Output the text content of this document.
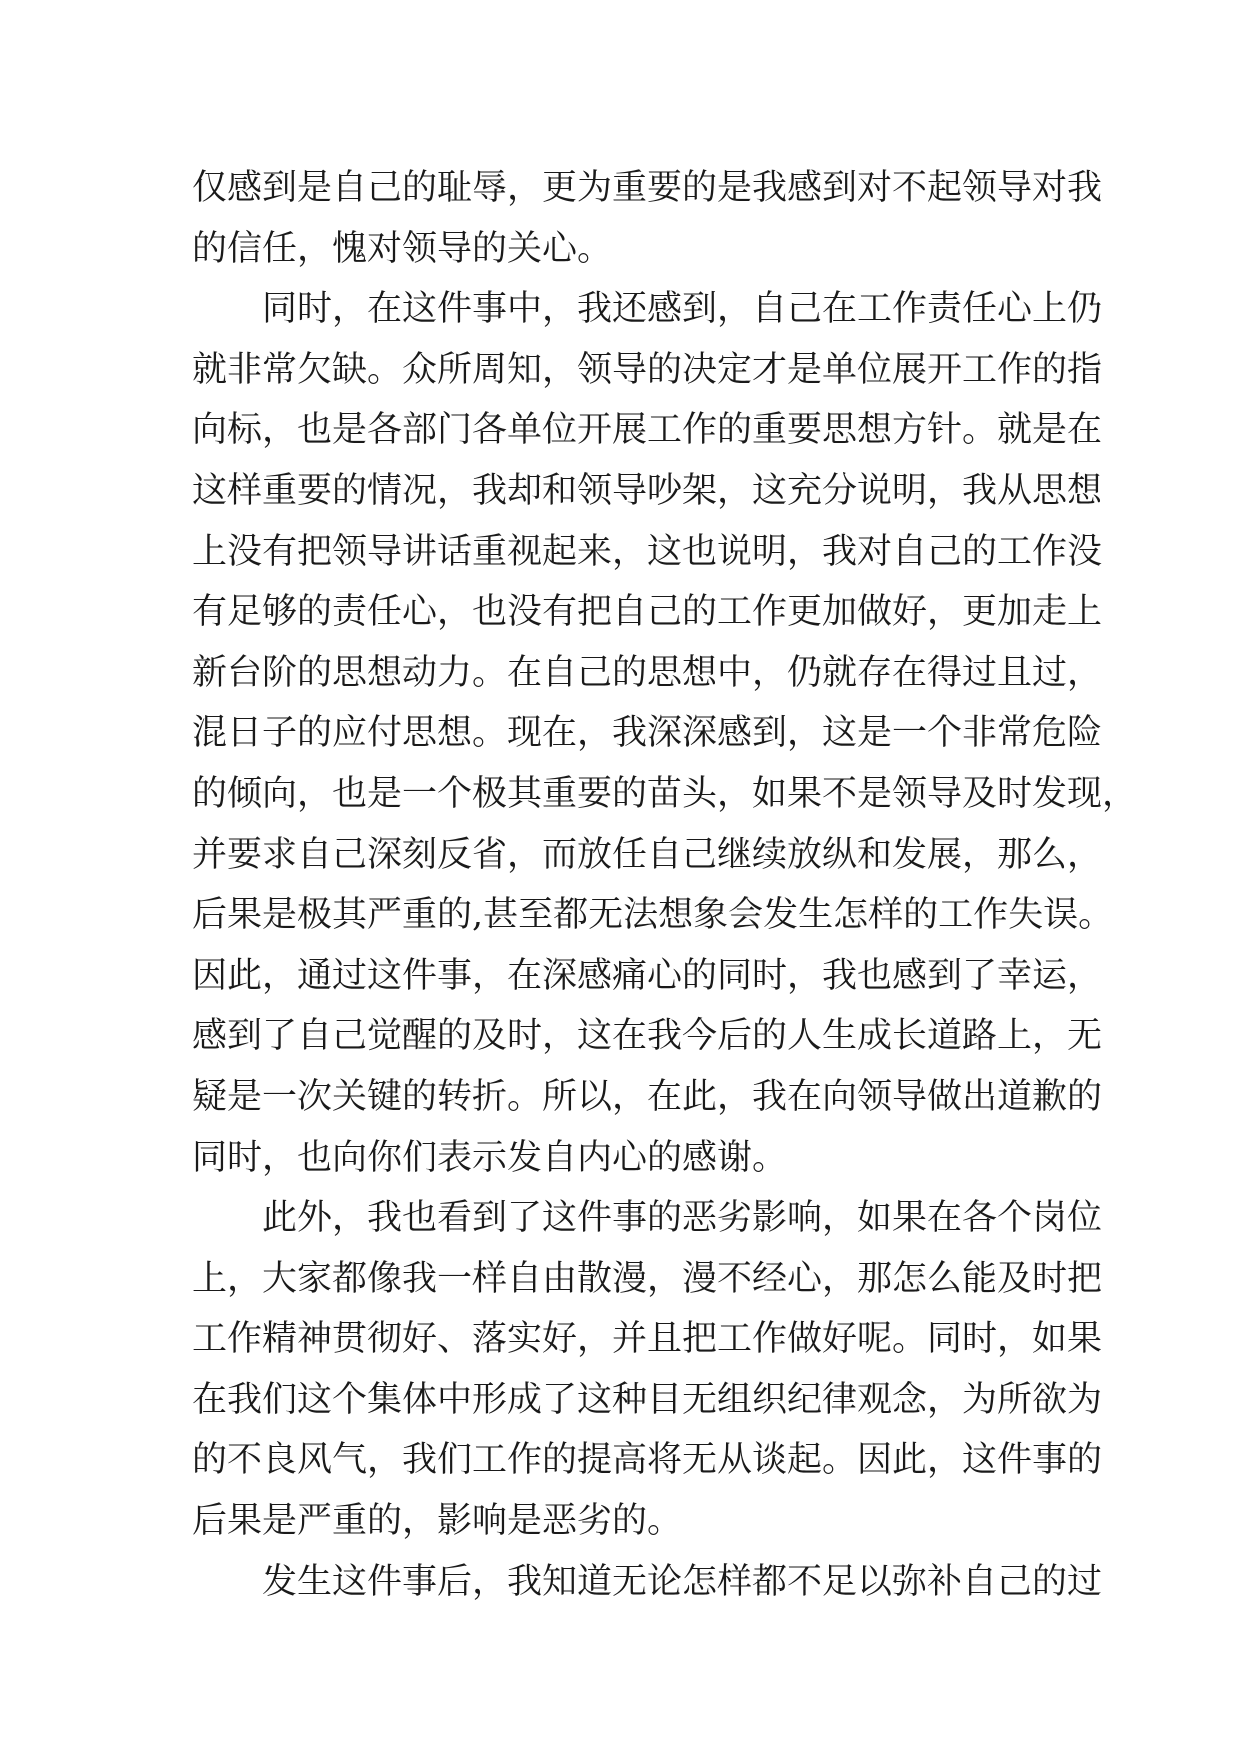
仅感到是自己的耻辱，更为重要的是我感到对不起领导对我
的信任，愧对领导的关心。
同时，在这件事中，我还感到，自己在工作责任心上仍
就非常欠缺。众所周知，领导的决定才是单位展开工作的指
向标，也是各部门各单位开展工作的重要思想方针。就是在
这样重要的情况，我却和领导吵架，这充分说明，我从思想
上没有把领导讲话重视起来，这也说明，我对自己的工作没
有足够的责任心，也没有把自己的工作更加做好，更加走上
新台阶的思想动力。在自己的思想中，仍就存在得过且过，
混日子的应付思想。现在，我深深感到，这是一个非常危险
的倾向，也是一个极其重要的苗头，如果不是领导及时发现，
并要求自己深刻反省，而放任自己继续放纵和发展，那么，
后果是极其严重的,甚至都无法想象会发生怎样的工作失误。
因此，通过这件事，在深感痛心的同时，我也感到了幸运，
感到了自己觉醒的及时，这在我今后的人生成长道路上，无
疑是一次关键的转折。所以，在此，我在向领导做出道歉的
同时，也向你们表示发自内心的感谢。
此外，我也看到了这件事的恶劣影响，如果在各个岗位
上，大家都像我一样自由散漫，漫不经心，那怎么能及时把
工作精神贯彻好、落实好，并且把工作做好呢。同时，如果
在我们这个集体中形成了这种目无组织纪律观念，为所欲为
的不良风气，我们工作的提高将无从谈起。因此，这件事的
后果是严重的，影响是恶劣的。
发生这件事后，我知道无论怎样都不足以弥补自己的过
